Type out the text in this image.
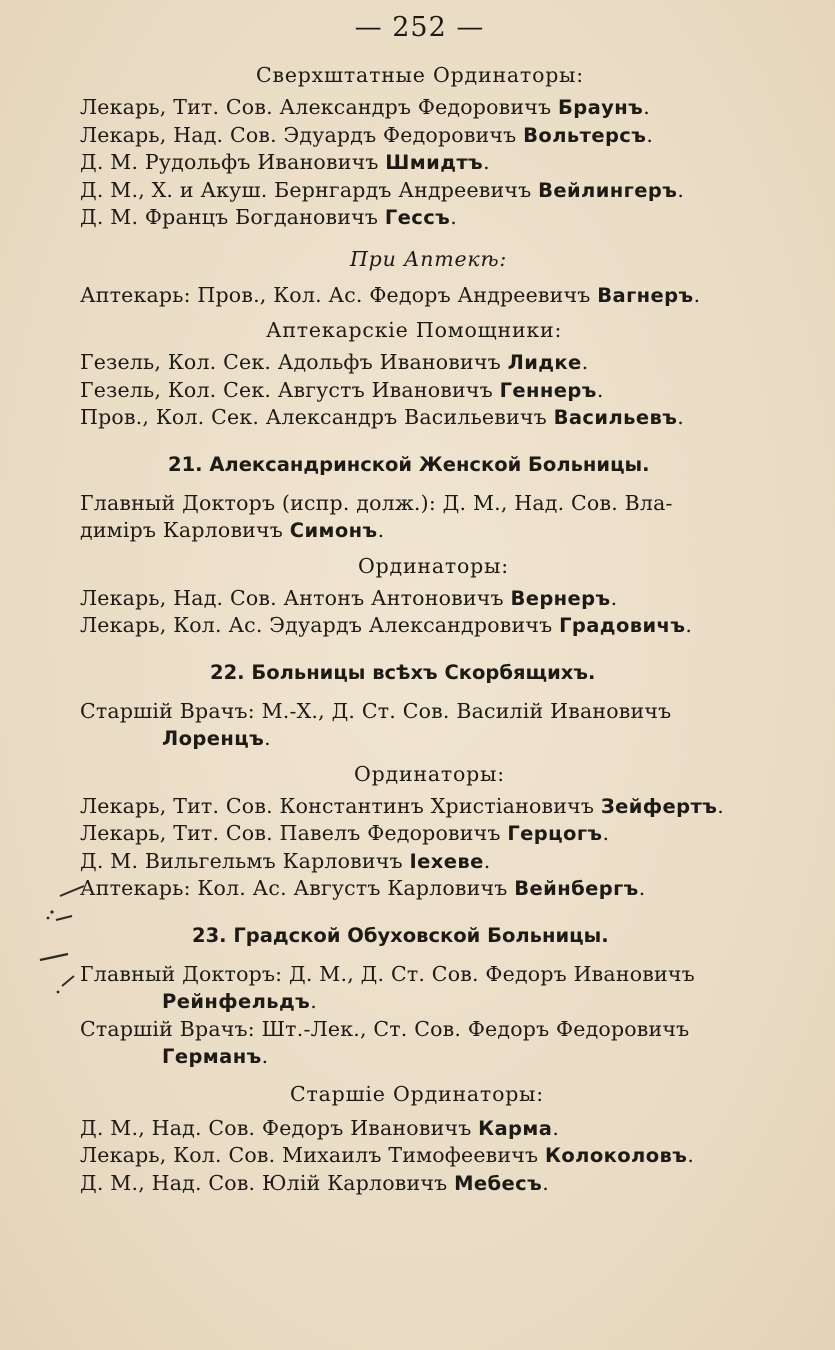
— 252 —
Сверхштатные Ординаторы:
Лекарь, Тит. Сов. Александръ Федоровичъ Браунъ.
Лекарь, Над. Сов. Эдуардъ Федоровичъ Вольтерсъ.
Д. М. Рудольфъ Ивановичъ Шмидтъ.
Д. М., X. и Акуш. Бернгардъ Андреевичъ Вейлингеръ.
Д. М. Францъ Богдановичъ Гессъ.
При Аптекѣ:
Аптекарь: Пров., Кол. Ас. Федоръ Андреевичъ Вагнеръ.
Аптекарскіе Помощники:
Гезель, Кол. Сек. Адольфъ Ивановичъ Лидке.
Гезель, Кол. Сек. Августъ Ивановичъ Геннеръ.
Пров., Кол. Сек. Александръ Васильевичъ Васильевъ.
21. Александринской Женской Больницы.
Главный Докторъ (испр. долж.): Д. М., Над. Сов. Вла-
диміръ Карловичъ Симонъ.
Ординаторы:
Лекарь, Над. Сов. Антонъ Антоновичъ Вернеръ.
Лекарь, Кол. Ас. Эдуардъ Александровичъ Градовичъ.
22. Больницы всѣхъ Скорбящихъ.
Старшій Врачъ: М.-Х., Д. Ст. Сов. Василій Ивановичъ
Лоренцъ.
Ординаторы:
Лекарь, Тит. Сов. Константинъ Христіановичъ Зейфертъ.
Лекарь, Тит. Сов. Павелъ Федоровичъ Герцогъ.
Д. М. Вильгельмъ Карловичъ Іехеве.
Аптекарь: Кол. Ас. Августъ Карловичъ Вейнбергъ.
23. Градской Обуховской Больницы.
Главный Докторъ: Д. М., Д. Ст. Сов. Федоръ Ивановичъ
Рейнфельдъ.
Старшій Врачъ: Шт.-Лек., Ст. Сов. Федоръ Федоровичъ
Германъ.
Старшіе Ординаторы:
Д. М., Над. Сов. Федоръ Ивановичъ Карма.
Лекарь, Кол. Сов. Михаилъ Тимофеевичъ Колоколовъ.
Д. М., Над. Сов. Юлій Карловичъ Мебесъ.
